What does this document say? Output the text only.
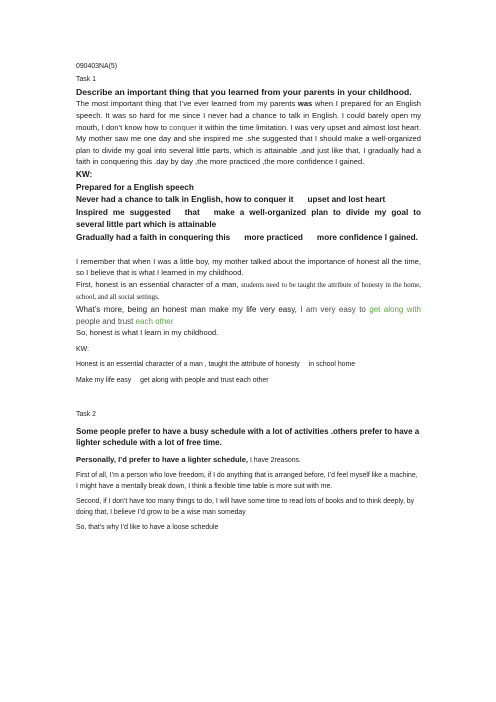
090403NA(5)

Task 1

Describe an important thing that you learned from your parents in your childhood.

The most important thing that I’ve ever learned from my parents was when I prepared for an English speech. It was so hard for me since I never had a chance to talk in English. I could barely open my mouth, I don’t know how to conquer it within the time limitation. I was very upset and almost lost heart. My mother saw me one day and she inspired me .she suggested that I should make a well-organized plan to divide my goal into several little parts, which is attainable ,and just like that, I gradually had a faith in conquering this .day by day ,the more practiced ,the more confidence I gained.

KW:

Prepared for a English speech

Never had a chance to talk in English, how to conquer it upset and lost heart

Inspired me suggested that make a well-organized plan to divide my goal to several little part which is attainable

Gradually had a faith in conquering this more practiced more confidence I gained.

I remember that when I was a little boy, my mother talked about the importance of honest all the time, so I believe that is what I learned in my childhood.

First, honest is an essential character of a man, students need to be taught the attribute of honesty in the home, school, and all social settings.

What’s more, being an honest man make my life very easy, I am very easy to get along with people and trust each other

So, honest is what I learn in my childhood.

KW:

Honest is an essential character of a man , taught the attribute of honesty in school home

Make my life easy get along with people and trust each other

Task 2

Some people prefer to have a busy schedule with a lot of activities .others prefer to have a lighter schedule with a lot of free time.

Personally, I’d prefer to have a lighter schedule, I have 2reasons.

First of all, I’m a person who love freedom, if I do anything that is arranged before, I’d feel myself like a machine, I might have a mentally break down, I think a flexible time table is more suit with me.

Second, if I don’t have too many things to do, I will have some time to read lots of books and to think deeply, by doing that, I believe I’d grow to be a wise man someday

So, that’s why I’d like to have a loose schedule
